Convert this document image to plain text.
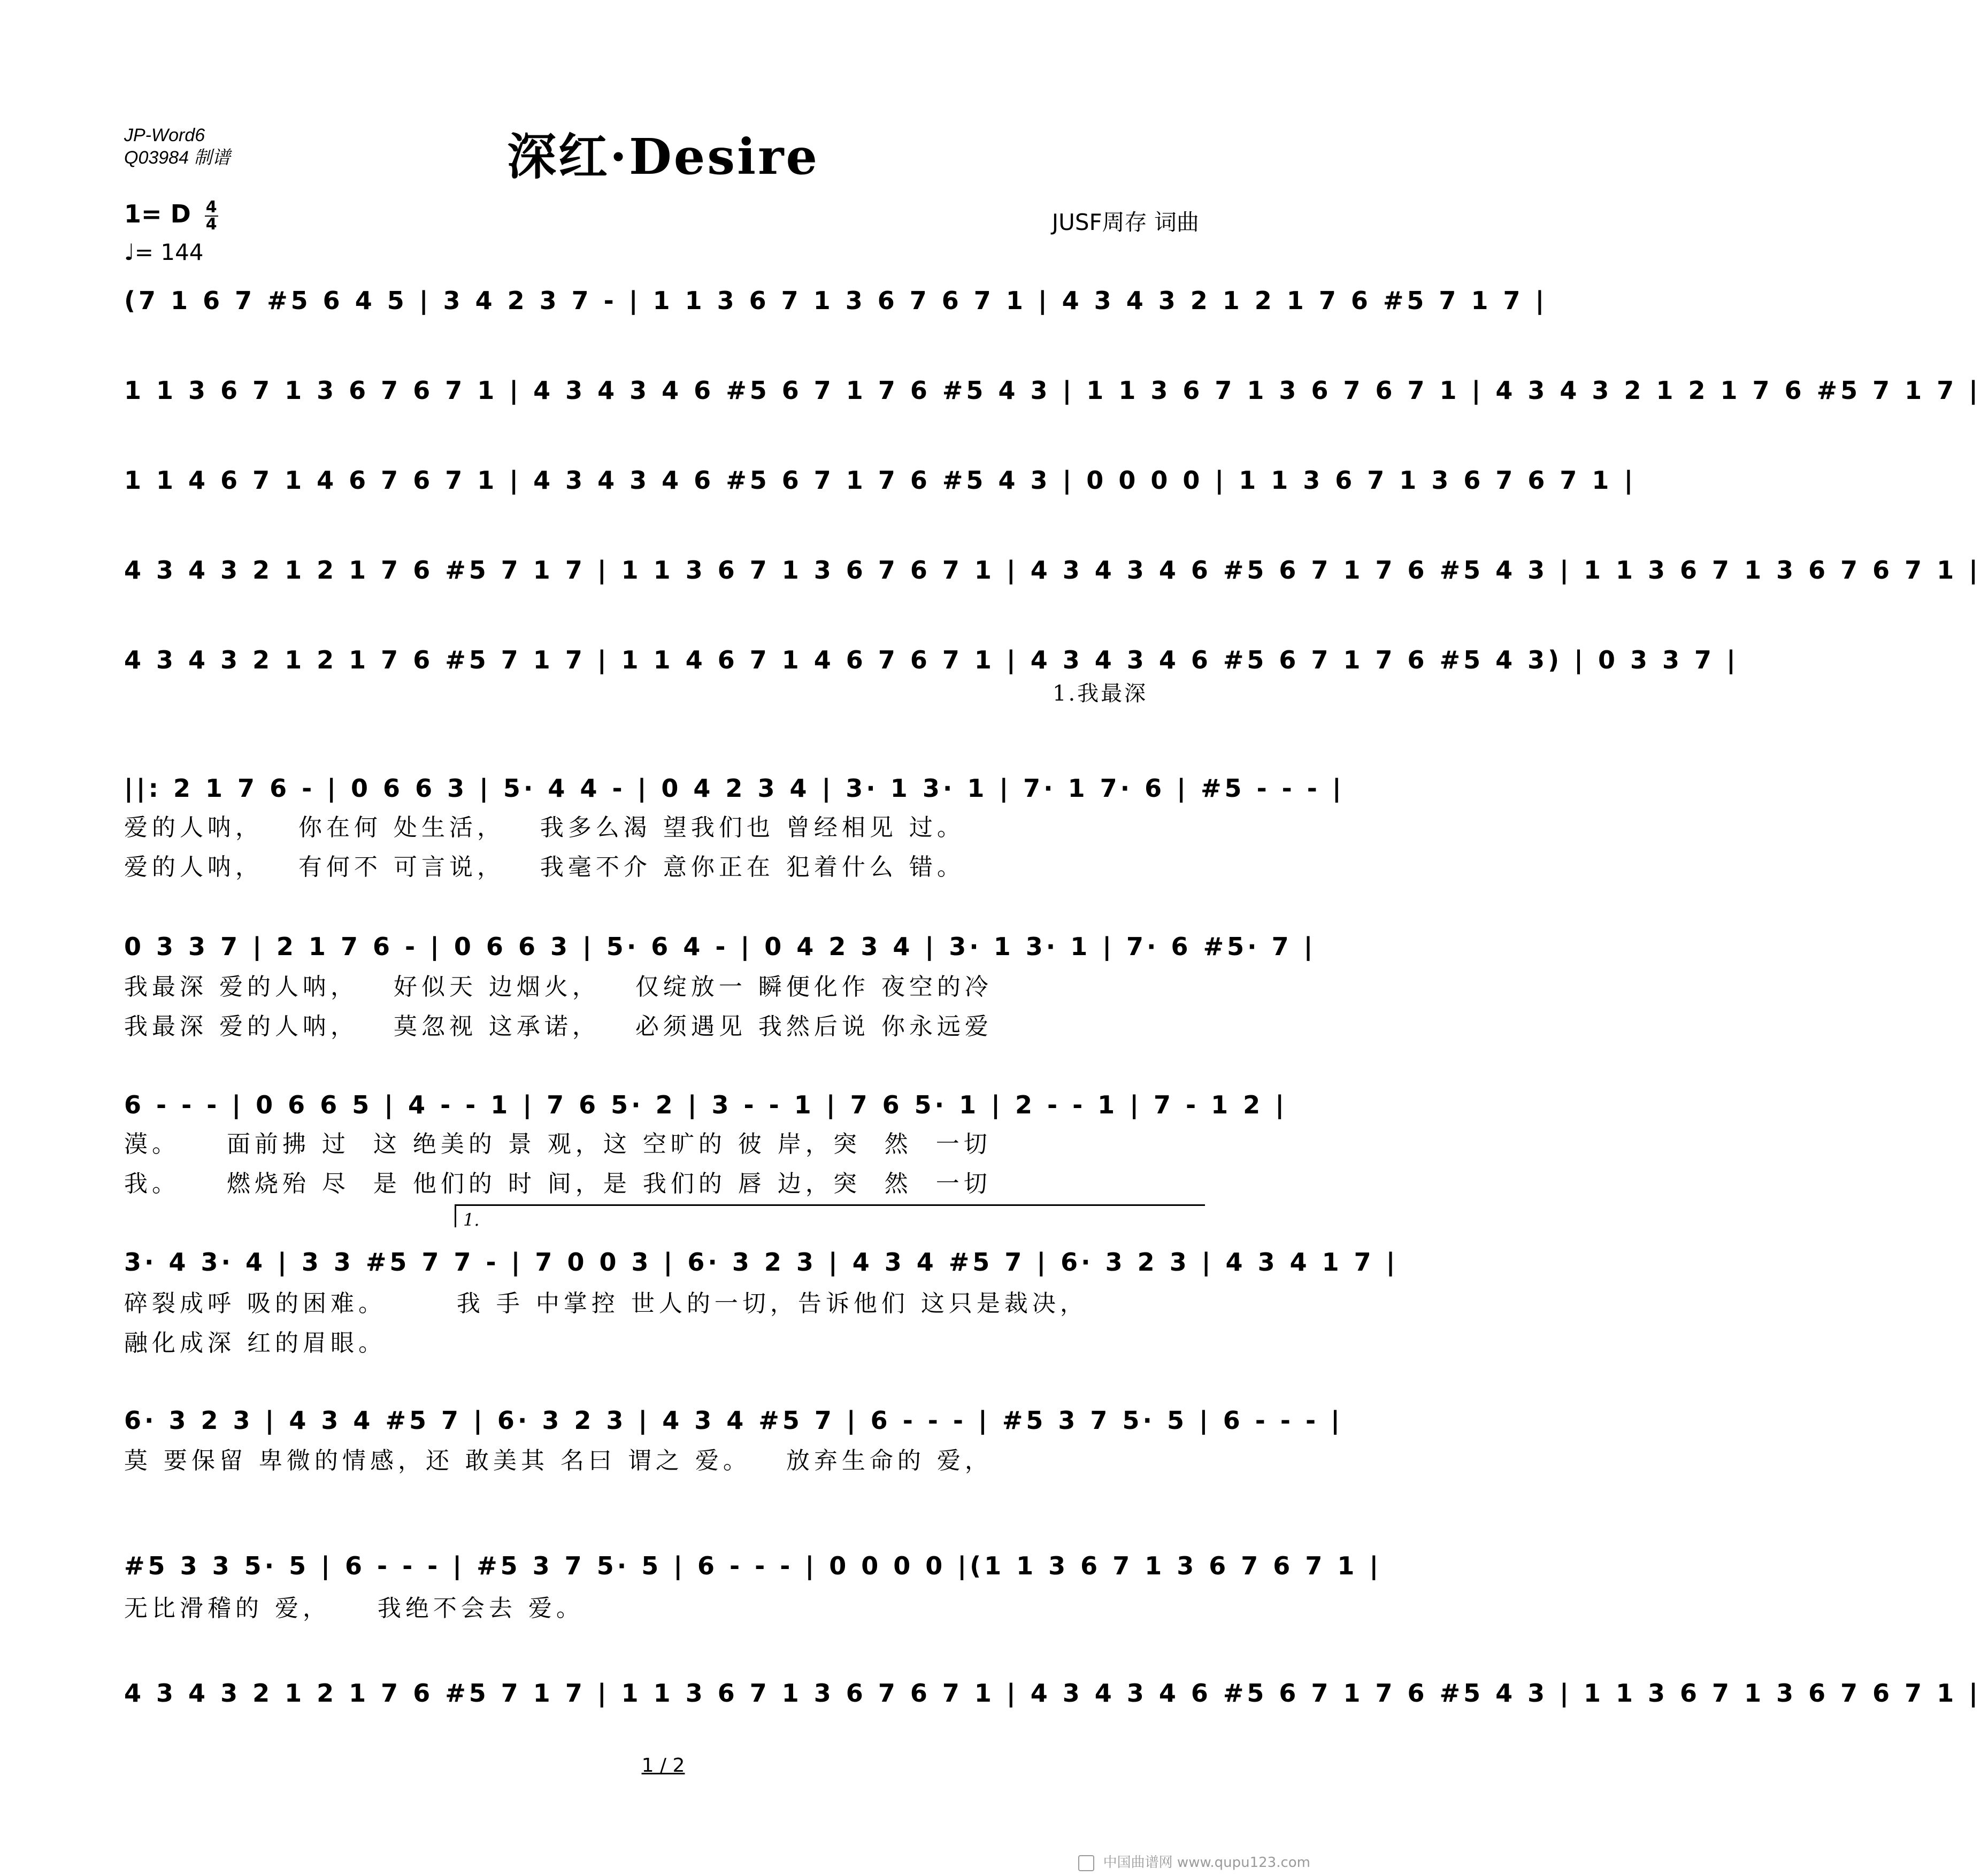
JP-Word6
Q03984 制谱	深红·Desire
1= D $\frac{4}{4}$
♩= 144
JUSF周存 词曲
(7 1 6 7 #5 6 4 5 | 3 4 2 3 7 - | 1 1 3 6 7 1 3 6 7 6 7 1 | 4 3 4 3 2 1 2 1 7 6 #5 7 1 7 |
1 1 3 6 7 1 3 6 7 6 7 1 | 4 3 4 3 4 6 #5 6 7 1 7 6 #5 4 3 | 1 1 3 6 7 1 3 6 7 6 7 1 | 4 3 4 3 2 1 2 1 7 6 #5 7 1 7 |
1 1 4 6 7 1 4 6 7 6 7 1 | 4 3 4 3 4 6 #5 6 7 1 7 6 #5 4 3 | 0 0 0 0 | 1 1 3 6 7 1 3 6 7 6 7 1 |
4 3 4 3 2 1 2 1 7 6 #5 7 1 7 | 1 1 3 6 7 1 3 6 7 6 7 1 | 4 3 4 3 4 6 #5 6 7 1 7 6 #5 4 3 | 1 1 3 6 7 1 3 6 7 6 7 1 |
4 3 4 3 2 1 2 1 7 6 #5 7 1 7 | 1 1 4 6 7 1 4 6 7 6 7 1 | 4 3 4 3 4 6 #5 6 7 1 7 6 #5 4 3) | 0 3 3 7 |
1.我最深
||: 2 1 7 6 - | 0 6 6 3 | 5· 4 4 - | 0 4 2 3 4 | 3· 1 3· 1 | 7· 1 7· 6 | #5 - - - |
爱的人呐，   你在何 处生活，   我多么渴 望我们也 曾经相见 过。
爱的人呐，   有何不 可言说，   我毫不介 意你正在 犯着什么 错。
0 3 3 7 | 2 1 7 6 - | 0 6 6 3 | 5· 6 4 - | 0 4 2 3 4 | 3· 1 3· 1 | 7· 6 #5· 7 |
我最深 爱的人呐，   好似天 边烟火，   仅绽放一 瞬便化作 夜空的冷
我最深 爱的人呐，   莫忽视 这承诺，   必须遇见 我然后说 你永远爱
6 - - - | 0 6 6 5 | 4 - - 1 | 7 6 5· 2 | 3 - - 1 | 7 6 5· 1 | 2 - - 1 | 7 - 1 2 |
漠。    面前拂 过  这 绝美的 景 观，这 空旷的 彼 岸，突  然  一切
我。    燃烧殆 尽  是 他们的 时 间，是 我们的 唇 边，突  然  一切
1.
3· 4 3· 4 | 3 3 #5 7 7 - | 7 0 0 3 | 6· 3 2 3 | 4 3 4 #5 7 | 6· 3 2 3 | 4 3 4 1 7 |
碎裂成呼 吸的困难。      我 手 中掌控 世人的一切，告诉他们 这只是裁决，
融化成深 红的眉眼。
6· 3 2 3 | 4 3 4 #5 7 | 6· 3 2 3 | 4 3 4 #5 7 | 6 - - - | #5 3 7 5· 5 | 6 - - - |
莫 要保留 卑微的情感，还 敢美其 名曰 谓之 爱。   放弃生命的 爱，
#5 3 3 5· 5 | 6 - - - | #5 3 7 5· 5 | 6 - - - | 0 0 0 0 |(1 1 3 6 7 1 3 6 7 6 7 1 |
无比滑稽的 爱，    我绝不会去 爱。
4 3 4 3 2 1 2 1 7 6 #5 7 1 7 | 1 1 3 6 7 1 3 6 7 6 7 1 | 4 3 4 3 4 6 #5 6 7 1 7 6 #5 4 3 | 1 1 3 6 7 1 3 6 7 6 7 1 |
1 / 2
中国曲谱网 www.qupu123.com
